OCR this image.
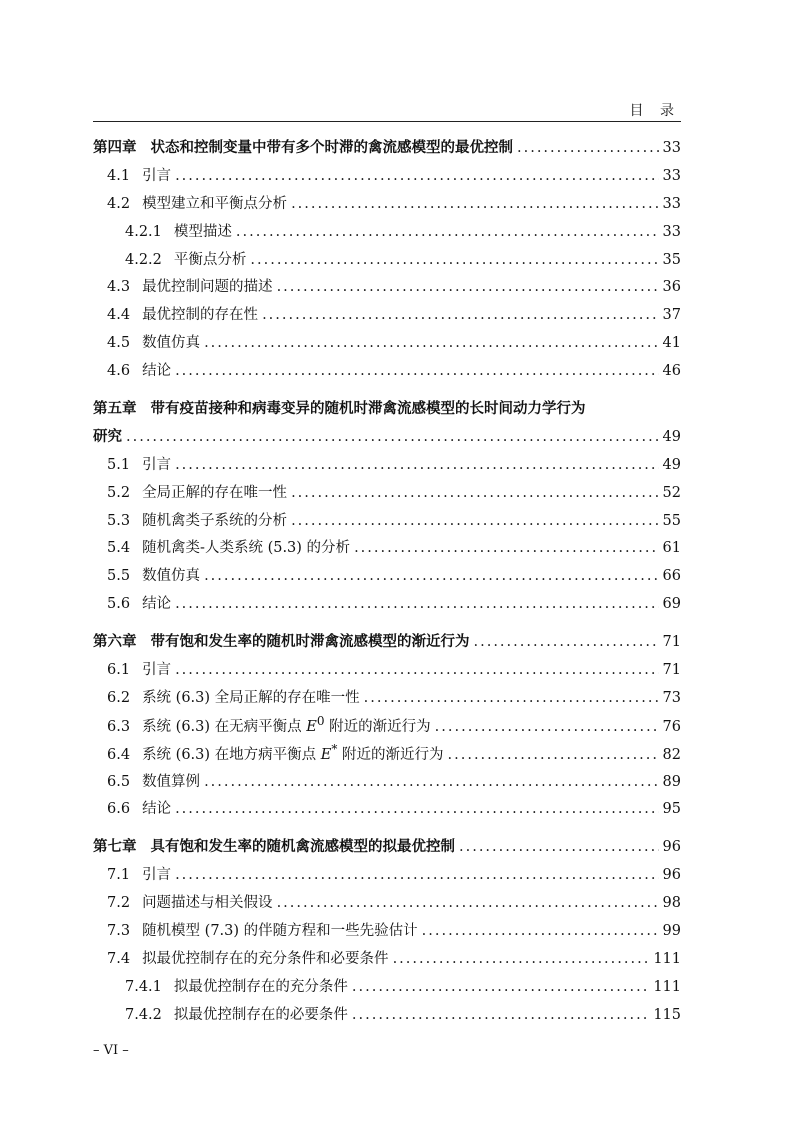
目 录
第四章 状态和控制变量中带有多个时滞的禽流感模型的最优控制 .....	33
4.1 引言 .....	33
4.2 模型建立和平衡点分析 .....	33
4.2.1 模型描述 .....	33
4.2.2 平衡点分析 .....	35
4.3 最优控制问题的描述 .....	36
4.4 最优控制的存在性 .....	37
4.5 数值仿真 .....	41
4.6 结论 .....	46
第五章 带有疫苗接种和病毒变异的随机时滞禽流感模型的长时间动力学行为
研究 .....	49
5.1 引言 .....	49
5.2 全局正解的存在唯一性 .....	52
5.3 随机禽类子系统的分析 .....	55
5.4 随机禽类-人类系统 (5.3) 的分析 .....	61
5.5 数值仿真 .....	66
5.6 结论 .....	69
第六章 带有饱和发生率的随机时滞禽流感模型的渐近行为 .....	71
6.1 引言 .....	71
6.2 系统 (6.3) 全局正解的存在唯一性 .....	73
6.3 系统 (6.3) 在无病平衡点 $E^0$ 附近的渐近行为 .....	76
6.4 系统 (6.3) 在地方病平衡点 E* 附近的渐近行为 .....	82
6.5 数值算例 .....	89
6.6 结论 .....	95
第七章 具有饱和发生率的随机禽流感模型的拟最优控制 .....	96
7.1 引言 .....	96
7.2 问题描述与相关假设 .....	98
7.3 随机模型 (7.3) 的伴随方程和一些先验估计 .....	99
7.4 拟最优控制存在的充分条件和必要条件 .....	111
7.4.1 拟最优控制存在的充分条件 .....	111
7.4.2 拟最优控制存在的必要条件 .....	115
– VI –
